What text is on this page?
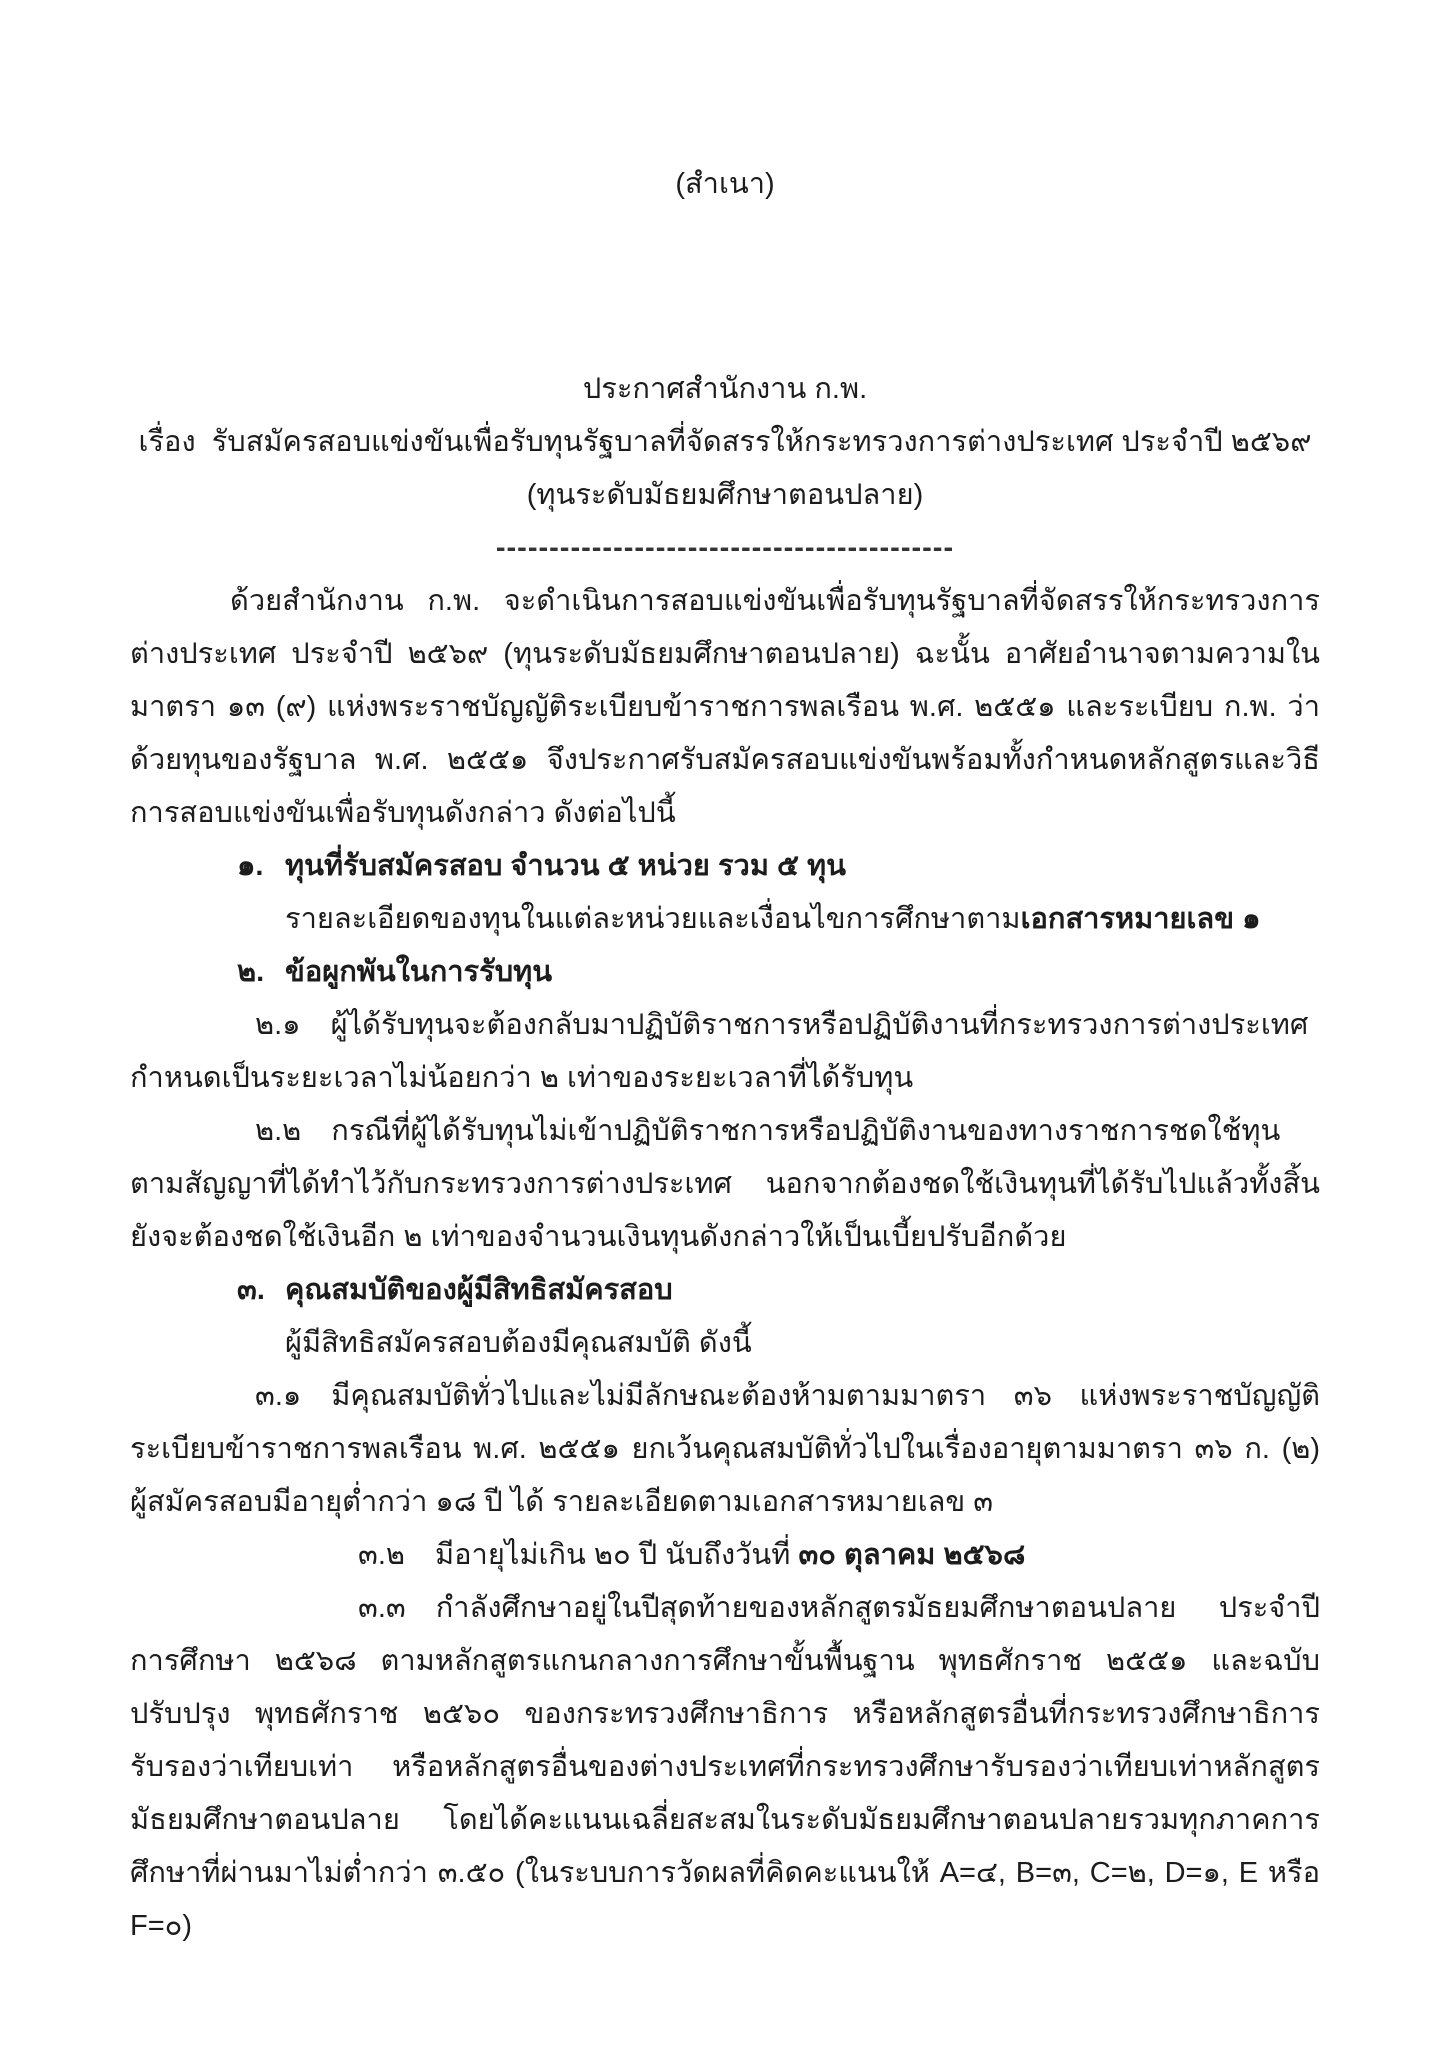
(สำเนา)
ประกาศสำนักงาน ก.พ.
เรื่อง  รับสมัครสอบแข่งขันเพื่อรับทุนรัฐบาลที่จัดสรรให้กระทรวงการต่างประเทศ ประจำปี ๒๕๖๙
(ทุนระดับมัธยมศึกษาตอนปลาย)
-------------------------------------------

ด้วยสำนักงาน ก.พ. จะดำเนินการสอบแข่งขันเพื่อรับทุนรัฐบาลที่จัดสรรให้กระทรวงการต่างประเทศ ประจำปี ๒๕๖๙ (ทุนระดับมัธยมศึกษาตอนปลาย) ฉะนั้น อาศัยอำนาจตามความในมาตรา ๑๓ (๙) แห่งพระราชบัญญัติระเบียบข้าราชการพลเรือน พ.ศ. ๒๕๕๑ และระเบียบ ก.พ. ว่าด้วยทุนของรัฐบาล พ.ศ. ๒๕๕๑ จึงประกาศรับสมัครสอบแข่งขันพร้อมทั้งกำหนดหลักสูตรและวิธีการสอบแข่งขันเพื่อรับทุนดังกล่าว ดังต่อไปนี้

๑. ทุนที่รับสมัครสอบ จำนวน ๕ หน่วย รวม ๕ ทุน

รายละเอียดของทุนในแต่ละหน่วยและเงื่อนไขการศึกษาตามเอกสารหมายเลข ๑

๒. ข้อผูกพันในการรับทุน

๒.๑ ผู้ได้รับทุนจะต้องกลับมาปฏิบัติราชการหรือปฏิบัติงานที่กระทรวงการต่างประเทศกำหนดเป็นระยะเวลาไม่น้อยกว่า ๒ เท่าของระยะเวลาที่ได้รับทุน

๒.๒ กรณีที่ผู้ได้รับทุนไม่เข้าปฏิบัติราชการหรือปฏิบัติงานของทางราชการชดใช้ทุนตามสัญญาที่ได้ทำไว้กับกระทรวงการต่างประเทศ นอกจากต้องชดใช้เงินทุนที่ได้รับไปแล้วทั้งสิ้น ยังจะต้องชดใช้เงินอีก ๒ เท่าของจำนวนเงินทุนดังกล่าวให้เป็นเบี้ยปรับอีกด้วย

๓. คุณสมบัติของผู้มีสิทธิสมัครสอบ

ผู้มีสิทธิสมัครสอบต้องมีคุณสมบัติ ดังนี้

๓.๑ มีคุณสมบัติทั่วไปและไม่มีลักษณะต้องห้ามตามมาตรา ๓๖ แห่งพระราชบัญญัติระเบียบข้าราชการพลเรือน พ.ศ. ๒๕๕๑ ยกเว้นคุณสมบัติทั่วไปในเรื่องอายุตามมาตรา ๓๖ ก. (๒) ผู้สมัครสอบมีอายุต่ำกว่า ๑๘ ปี ได้ รายละเอียดตามเอกสารหมายเลข ๓

๓.๒ มีอายุไม่เกิน ๒๐ ปี นับถึงวันที่ ๓๐ ตุลาคม ๒๕๖๘

๓.๓ กำลังศึกษาอยู่ในปีสุดท้ายของหลักสูตรมัธยมศึกษาตอนปลาย ประจำปีการศึกษา ๒๕๖๘ ตามหลักสูตรแกนกลางการศึกษาขั้นพื้นฐาน พุทธศักราช ๒๕๕๑ และฉบับปรับปรุง พุทธศักราช ๒๕๖๐ ของกระทรวงศึกษาธิการ หรือหลักสูตรอื่นที่กระทรวงศึกษาธิการรับรองว่าเทียบเท่า หรือหลักสูตรอื่นของต่างประเทศที่กระทรวงศึกษารับรองว่าเทียบเท่าหลักสูตรมัธยมศึกษาตอนปลาย โดยได้คะแนนเฉลี่ยสะสมในระดับมัธยมศึกษาตอนปลายรวมทุกภาคการศึกษาที่ผ่านมาไม่ต่ำกว่า ๓.๕๐ (ในระบบการวัดผลที่คิดคะแนนให้ A=๔, B=๓, C=๒, D=๑, E หรือ F=๐)
